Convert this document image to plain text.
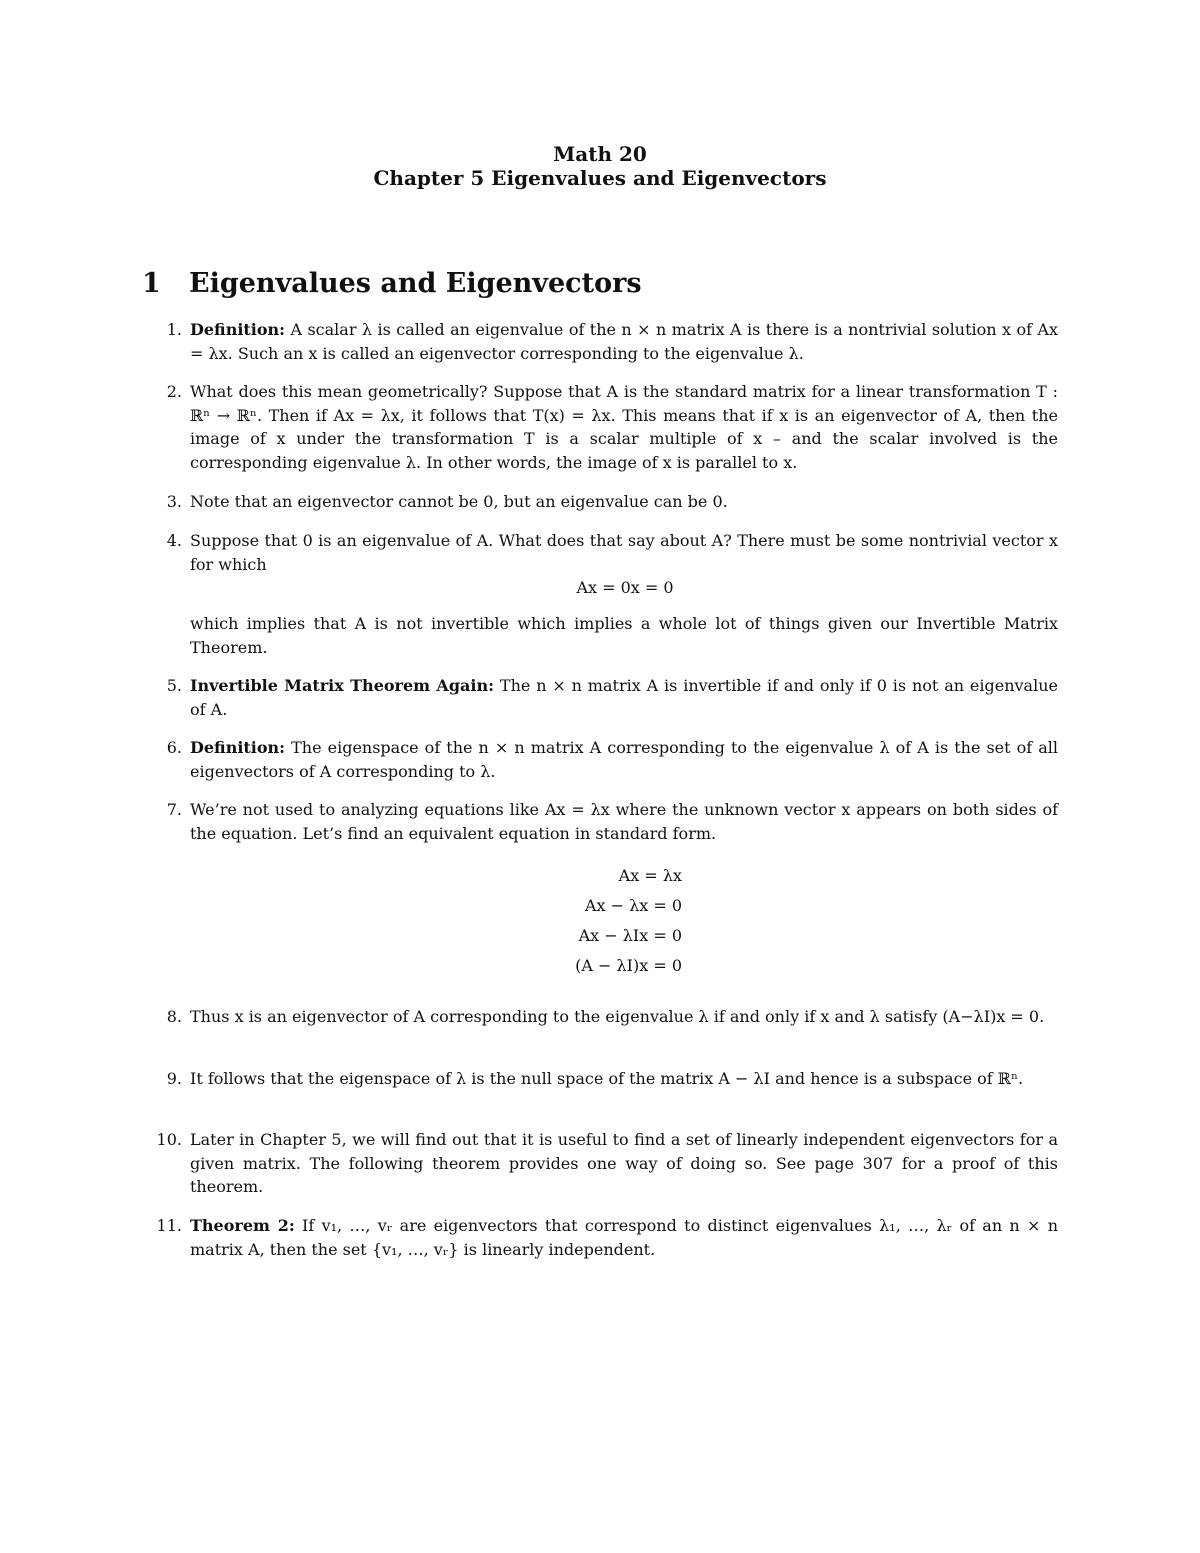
Math 20
Chapter 5 Eigenvalues and Eigenvectors
1 Eigenvalues and Eigenvectors
1. Definition: A scalar λ is called an eigenvalue of the n × n matrix A is there is a nontrivial solution x of Ax = λx. Such an x is called an eigenvector corresponding to the eigenvalue λ.
2. What does this mean geometrically? Suppose that A is the standard matrix for a linear transformation T : ℝⁿ → ℝⁿ. Then if Ax = λx, it follows that T(x) = λx. This means that if x is an eigenvector of A, then the image of x under the transformation T is a scalar multiple of x – and the scalar involved is the corresponding eigenvalue λ. In other words, the image of x is parallel to x.
3. Note that an eigenvector cannot be 0, but an eigenvalue can be 0.
4. Suppose that 0 is an eigenvalue of A. What does that say about A? There must be some nontrivial vector x for which
Ax = 0x = 0
which implies that A is not invertible which implies a whole lot of things given our Invertible Matrix Theorem.
5. Invertible Matrix Theorem Again: The n × n matrix A is invertible if and only if 0 is not an eigenvalue of A.
6. Definition: The eigenspace of the n × n matrix A corresponding to the eigenvalue λ of A is the set of all eigenvectors of A corresponding to λ.
7. We’re not used to analyzing equations like Ax = λx where the unknown vector x appears on both sides of the equation. Let’s find an equivalent equation in standard form.
Ax = λx
Ax − λx = 0
Ax − λIx = 0
(A − λI)x = 0
8. Thus x is an eigenvector of A corresponding to the eigenvalue λ if and only if x and λ satisfy (A−λI)x = 0.
9. It follows that the eigenspace of λ is the null space of the matrix A − λI and hence is a subspace of ℝⁿ.
10. Later in Chapter 5, we will find out that it is useful to find a set of linearly independent eigenvectors for a given matrix. The following theorem provides one way of doing so. See page 307 for a proof of this theorem.
11. Theorem 2: If v₁, …, vᵣ are eigenvectors that correspond to distinct eigenvalues λ₁, …, λᵣ of an n × n matrix A, then the set {v₁, …, vᵣ} is linearly independent.
